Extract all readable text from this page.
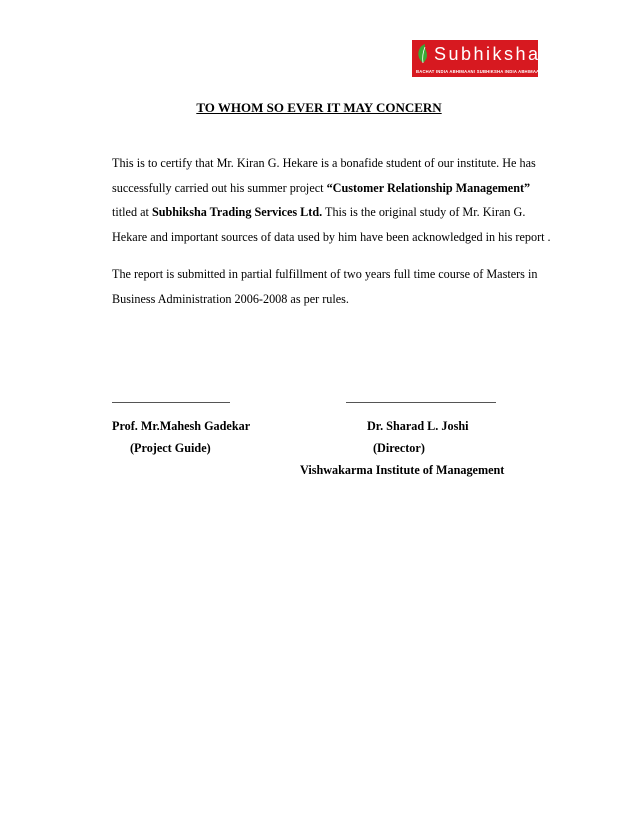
Subhiksha
BACHAT INDIA ABHIMAAN! SUBHIKSHA INDIA ABHIMAAN!
TO WHOM SO EVER IT MAY CONCERN
This is to certify that Mr. Kiran G. Hekare is a bonafide student of our institute. He has
successfully carried out his summer project “Customer Relationship Management”
titled at Subhiksha Trading Services Ltd. This is the original study of Mr. Kiran G.
Hekare and important sources of data used by him have been acknowledged in his report .
The report is submitted in partial fulfillment of two years full time course of Masters in
Business Administration 2006-2008 as per rules.
Prof. Mr.Mahesh Gadekar	Dr. Sharad L. Joshi
(Project Guide)	(Director)
Vishwakarma Institute of Management
